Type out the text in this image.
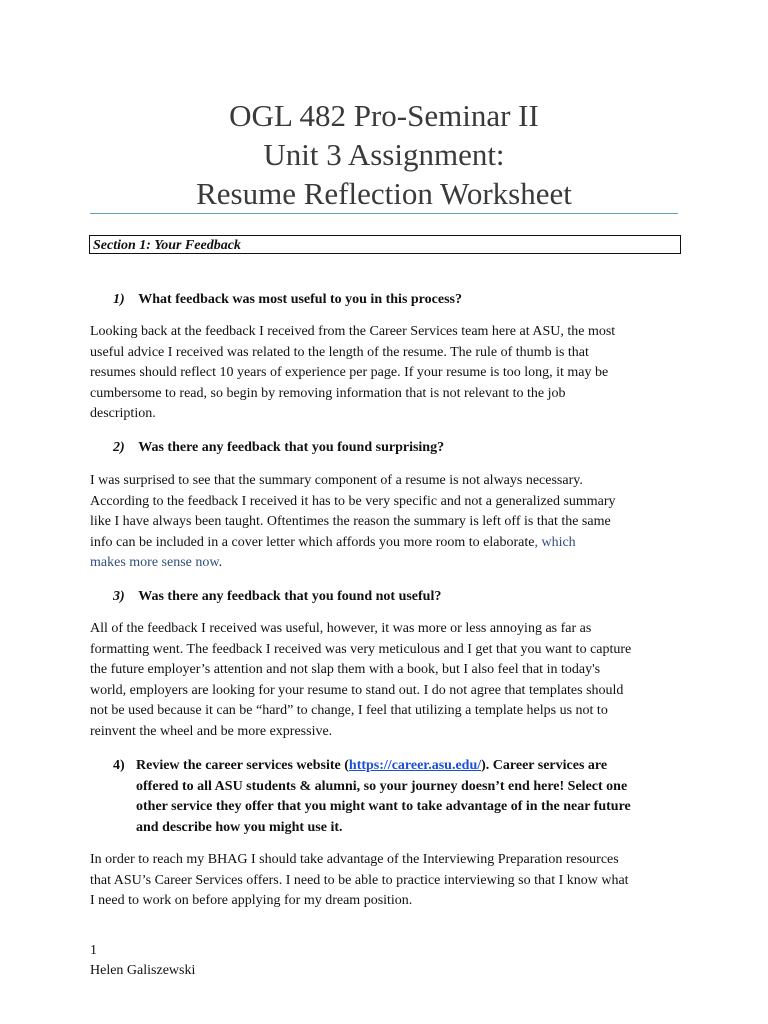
OGL 482 Pro-Seminar II
Unit 3 Assignment:
Resume Reflection Worksheet
Section 1: Your Feedback
1) What feedback was most useful to you in this process?
Looking back at the feedback I received from the Career Services team here at ASU, the most
useful advice I received was related to the length of the resume. The rule of thumb is that
resumes should reflect 10 years of experience per page. If your resume is too long, it may be
cumbersome to read, so begin by removing information that is not relevant to the job
description.
2) Was there any feedback that you found surprising?
I was surprised to see that the summary component of a resume is not always necessary.
According to the feedback I received it has to be very specific and not a generalized summary
like I have always been taught. Oftentimes the reason the summary is left off is that the same
info can be included in a cover letter which affords you more room to elaborate, which
makes more sense now.
3) Was there any feedback that you found not useful?
All of the feedback I received was useful, however, it was more or less annoying as far as
formatting went. The feedback I received was very meticulous and I get that you want to capture
the future employer’s attention and not slap them with a book, but I also feel that in today's
world, employers are looking for your resume to stand out. I do not agree that templates should
not be used because it can be “hard” to change, I feel that utilizing a template helps us not to
reinvent the wheel and be more expressive.
4) Review the career services website (https://career.asu.edu/). Career services are
offered to all ASU students & alumni, so your journey doesn’t end here! Select one
other service they offer that you might want to take advantage of in the near future
and describe how you might use it.
In order to reach my BHAG I should take advantage of the Interviewing Preparation resources
that ASU’s Career Services offers. I need to be able to practice interviewing so that I know what
I need to work on before applying for my dream position.
1
Helen Galiszewski
